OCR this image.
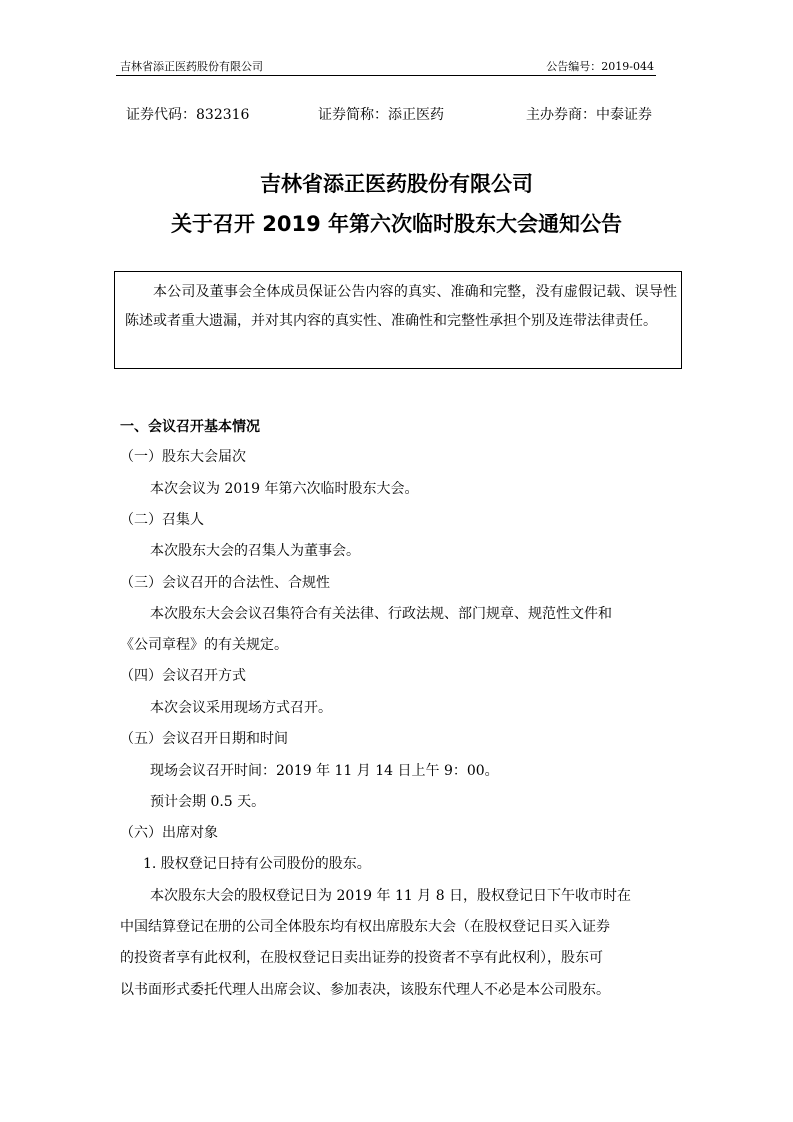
吉林省添正医药股份有限公司	公告编号：2019-044
证券代码：832316	证券简称：添正医药	主办券商：中泰证券
吉林省添正医药股份有限公司
关于召开 2019 年第六次临时股东大会通知公告
本公司及董事会全体成员保证公告内容的真实、准确和完整，没有虚假记载、误导性陈述或者重大遗漏，并对其内容的真实性、准确性和完整性承担个别及连带法律责任。
一、会议召开基本情况
（一）股东大会届次
本次会议为 2019 年第六次临时股东大会。
（二）召集人
本次股东大会的召集人为董事会。
（三）会议召开的合法性、合规性
本次股东大会会议召集符合有关法律、行政法规、部门规章、规范性文件和
《公司章程》的有关规定。
（四）会议召开方式
本次会议采用现场方式召开。
（五）会议召开日期和时间
现场会议召开时间：2019 年 11 月 14 日上午 9：00。
预计会期 0.5 天。
（六）出席对象
1. 股权登记日持有公司股份的股东。
本次股东大会的股权登记日为 2019 年 11 月 8 日，股权登记日下午收市时在
中国结算登记在册的公司全体股东均有权出席股东大会（在股权登记日买入证券
的投资者享有此权利，在股权登记日卖出证券的投资者不享有此权利），股东可
以书面形式委托代理人出席会议、参加表决，该股东代理人不必是本公司股东。
